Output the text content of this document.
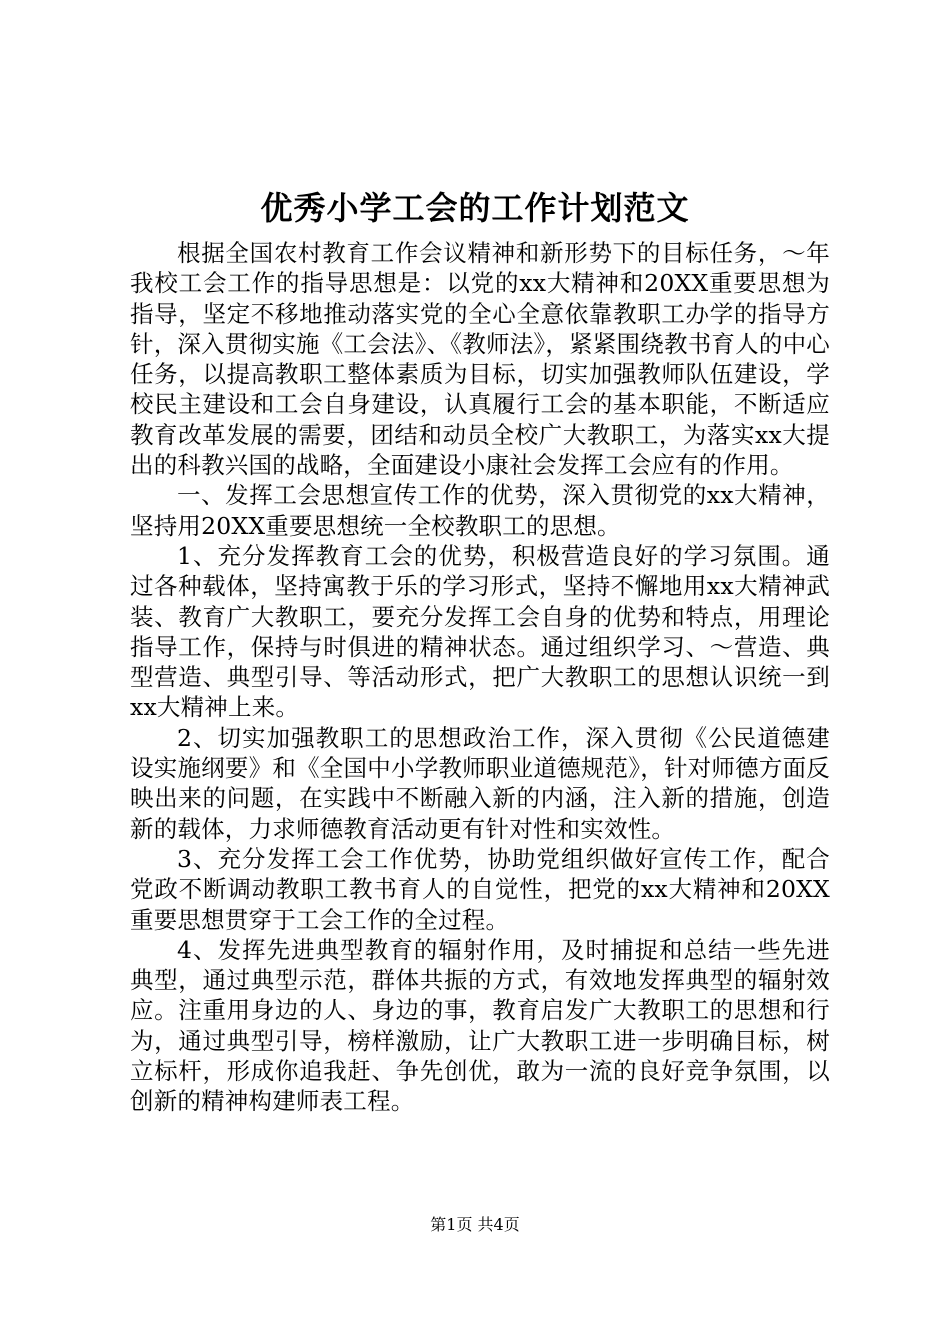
优秀小学工会的工作计划范文

根据全国农村教育工作会议精神和新形势下的目标任务，～年我校工会工作的指导思想是：以党的xx大精神和20XX重要思想为指导，坚定不移地推动落实党的全心全意依靠教职工办学的指导方针，深入贯彻实施《工会法》、《教师法》，紧紧围绕教书育人的中心任务，以提高教职工整体素质为目标，切实加强教师队伍建设，学校民主建设和工会自身建设，认真履行工会的基本职能，不断适应教育改革发展的需要，团结和动员全校广大教职工，为落实xx大提出的科教兴国的战略，全面建设小康社会发挥工会应有的作用。

一、发挥工会思想宣传工作的优势，深入贯彻党的xx大精神，坚持用20XX重要思想统一全校教职工的思想。

1、充分发挥教育工会的优势，积极营造良好的学习氛围。通过各种载体，坚持寓教于乐的学习形式，坚持不懈地用xx大精神武装、教育广大教职工，要充分发挥工会自身的优势和特点，用理论指导工作，保持与时俱进的精神状态。通过组织学习、～营造、典型营造、典型引导、等活动形式，把广大教职工的思想认识统一到xx大精神上来。

2、切实加强教职工的思想政治工作，深入贯彻《公民道德建设实施纲要》和《全国中小学教师职业道德规范》，针对师德方面反映出来的问题，在实践中不断融入新的内涵，注入新的措施，创造新的载体，力求师德教育活动更有针对性和实效性。

3、充分发挥工会工作优势，协助党组织做好宣传工作，配合党政不断调动教职工教书育人的自觉性，把党的xx大精神和20XX重要思想贯穿于工会工作的全过程。

4、发挥先进典型教育的辐射作用，及时捕捉和总结一些先进典型，通过典型示范，群体共振的方式，有效地发挥典型的辐射效应。注重用身边的人、身边的事，教育启发广大教职工的思想和行为，通过典型引导，榜样激励，让广大教职工进一步明确目标，树立标杆，形成你追我赶、争先创优，敢为一流的良好竞争氛围，以创新的精神构建师表工程。

第1页 共4页
